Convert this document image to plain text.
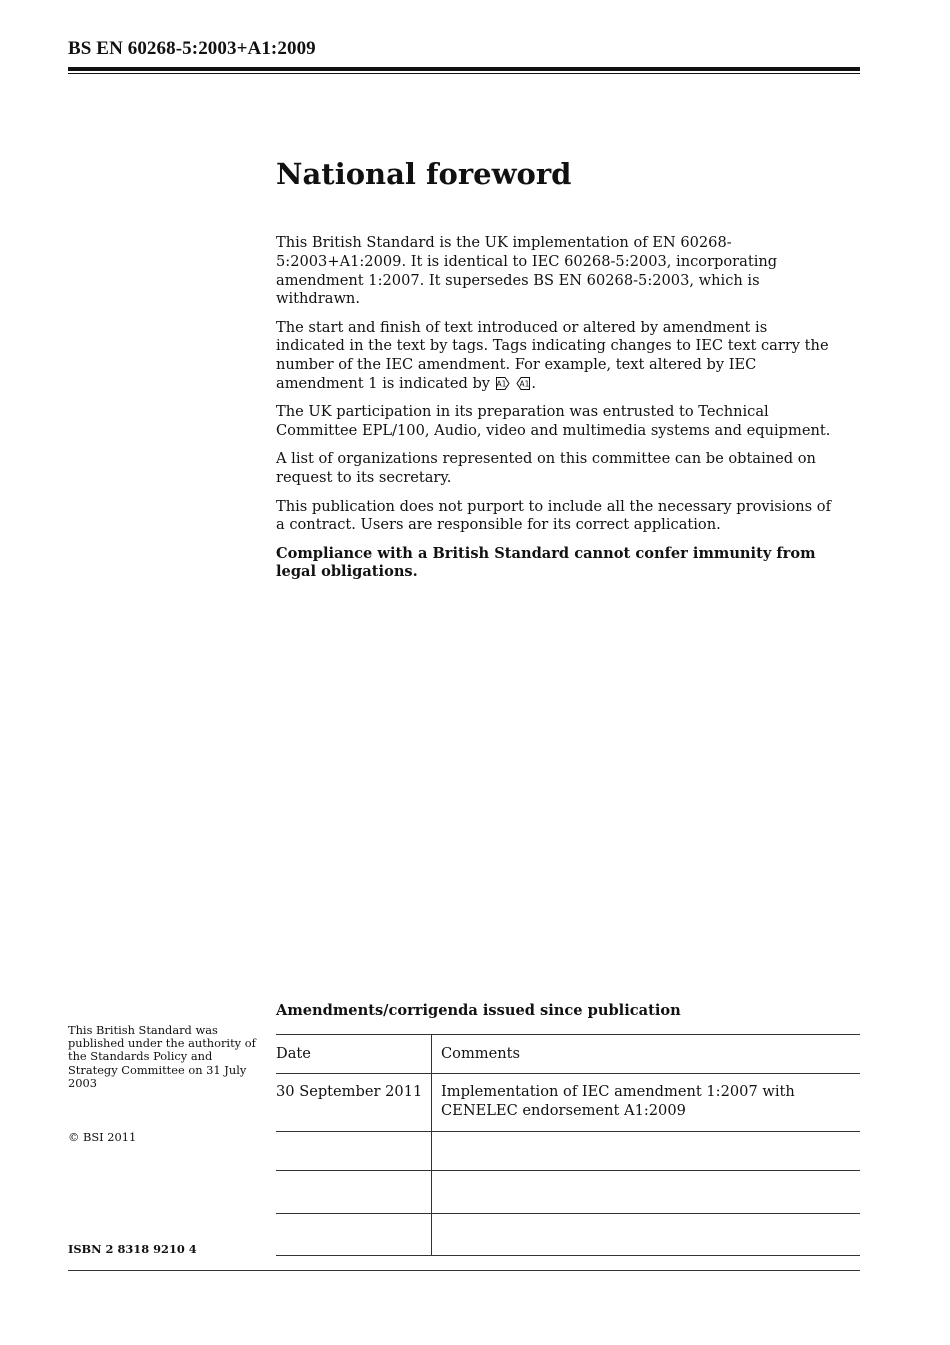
BS EN 60268-5:2003+A1:2009
National foreword

This British Standard is the UK implementation of EN 60268-5:2003+A1:2009. It is identical to IEC 60268-5:2003, incorporating amendment 1:2007. It supersedes BS EN 60268-5:2003, which is withdrawn.

The start and finish of text introduced or altered by amendment is indicated in the text by tags. Tags indicating changes to IEC text carry the number of the IEC amendment. For example, text altered by IEC amendment 1 is indicated by A1
A1 .

The UK participation in its preparation was entrusted to Technical Committee EPL/100, Audio, video and multimedia systems and equipment.

A list of organizations represented on this committee can be obtained on request to its secretary.

This publication does not purport to include all the necessary provisions of a contract. Users are responsible for its correct application.

Compliance with a British Standard cannot confer immunity from legal obligations.

This British Standard was published under the authority of the Standards Policy and Strategy Committee on 31 July 2003
© BSI 2011
ISBN 2 8318 9210 4
Amendments/corrigenda issued since publication
Date	Comments

30 September 2011	Implementation of IEC amendment 1:2007 with CENELEC endorsement A1:2009
